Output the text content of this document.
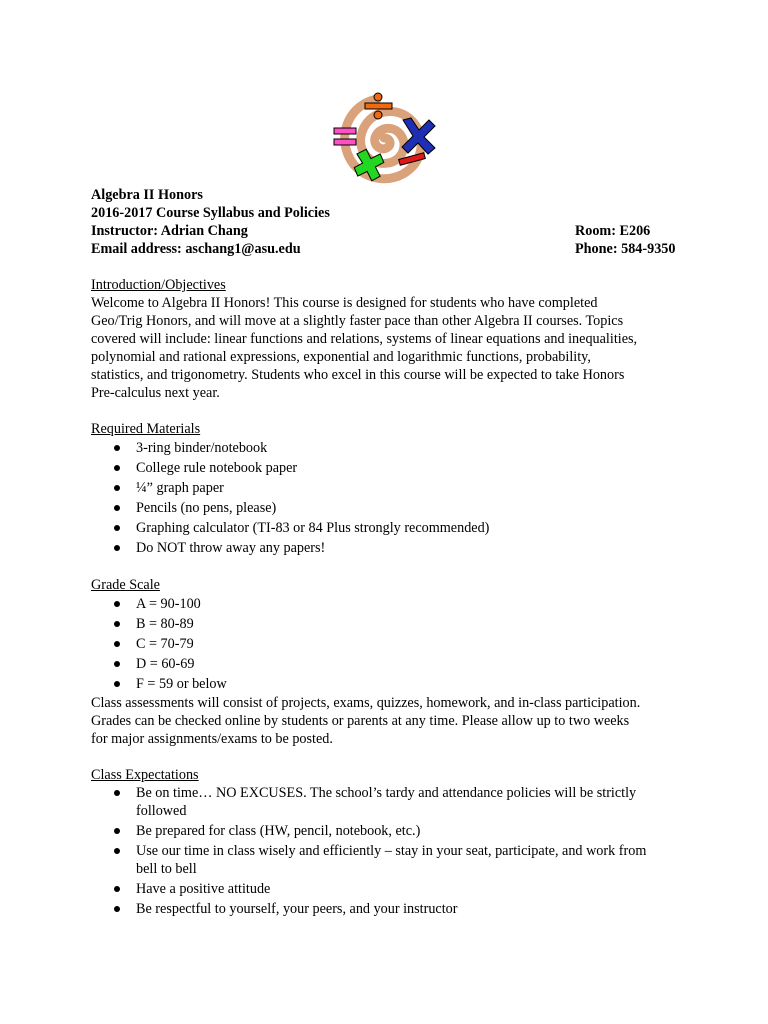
Algebra II Honors
2016-2017 Course Syllabus and Policies
Instructor: Adrian Chang	Room: E206
Email address: aschang1@asu.edu	Phone: 584-9350
Introduction/Objectives
Welcome to Algebra II Honors! This course is designed for students who have completed
Geo/Trig Honors, and will move at a slightly faster pace than other Algebra II courses. Topics
covered will include: linear functions and relations, systems of linear equations and inequalities,
polynomial and rational expressions, exponential and logarithmic functions, probability,
statistics, and trigonometry. Students who excel in this course will be expected to take Honors
Pre-calculus next year.
Required Materials
3-ring binder/notebook
College rule notebook paper
¼” graph paper
Pencils (no pens, please)
Graphing calculator (TI-83 or 84 Plus strongly recommended)
Do NOT throw away any papers!
Grade Scale
A = 90-100
B = 80-89
C = 70-79
D = 60-69
F = 59 or below
Class assessments will consist of projects, exams, quizzes, homework, and in-class participation.
Grades can be checked online by students or parents at any time. Please allow up to two weeks
for major assignments/exams to be posted.
Class Expectations
Be on time… NO EXCUSES. The school’s tardy and attendance policies will be strictly
followed
Be prepared for class (HW, pencil, notebook, etc.)
Use our time in class wisely and efficiently – stay in your seat, participate, and work from
bell to bell
Have a positive attitude
Be respectful to yourself, your peers, and your instructor
